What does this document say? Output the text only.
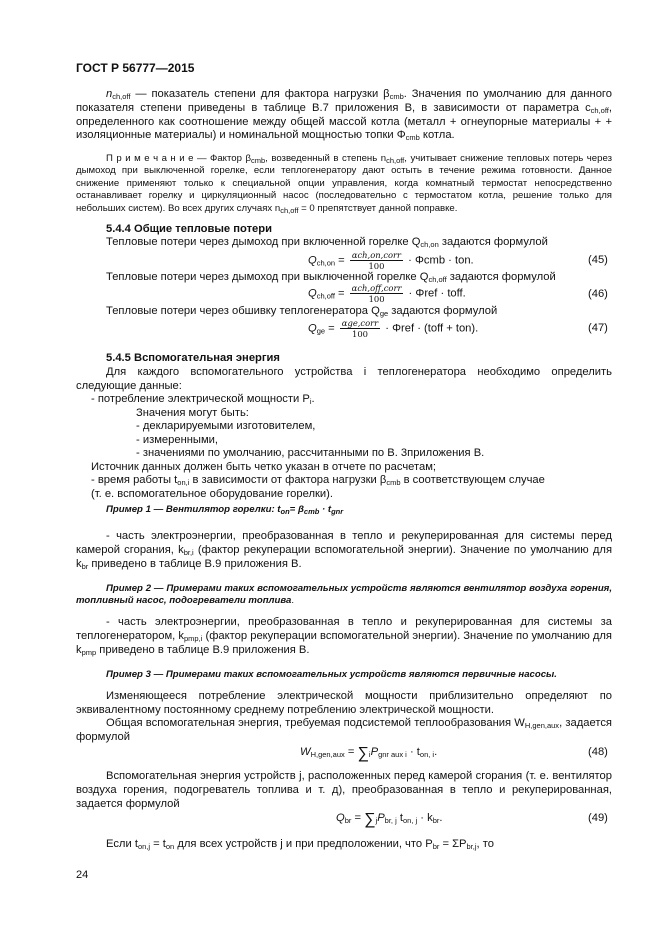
ГОСТ Р 56777—2015
$n_{ch,off}$ — показатель степени для фактора нагрузки $\beta_{cmb}$. Значения по умолчанию для данного показателя степени приведены в таблице В.7 приложения В, в зависимости от параметра $c_{ch,off}$, определенного как соотношение между общей массой котла (металл + огнеупорные материалы + + изоляционные материалы) и номинальной мощностью топки $\Phi_{cmb}$ котла.
П р и м е ч а н и е — Фактор $\beta_{cmb}$, возведенный в степень $n_{ch,off}$, учитывает снижение тепловых потерь через дымоход при выключенной горелке, если теплогенератору дают остыть в течение режима готовности. Данное снижение применяют только к специальной опции управления, когда комнатный термостат непосредственно останавливает горелку и циркуляционный насос (последовательно с термостатом котла, решение только для небольших систем). Во всех других случаях $n_{ch,off} = 0$ препятствует данной поправке.
5.4.4 Общие тепловые потери
Тепловые потери через дымоход при включенной горелке $Q_{ch,on}$ задаются формулой
$Q_{ch,on} = \frac{\text{αch,on,corr}}{100} \cdot \Phi cmb$ · ton.	(45)
Тепловые потери через дымоход при выключенной горелке $Q_{ch,off}$ задаются формулой
$Q_{ch,off} = \frac{\text{αch,off,corr}}{100} \cdot \Phi ref$ · toff.	(46)
Тепловые потери через обшивку теплогенератора $Q_{ge}$ задаются формулой
$Q_{ge} = \frac{\text{αge,corr}}{100} \cdot \Phi ref$ · (toff + ton).	(47)
5.4.5 Вспомогательная энергия
Для каждого вспомогательного устройства i теплогенератора необходимо определить следующие данные:
- потребление электрической мощности $P_i$.
Значения могут быть:
- декларируемыми изготовителем,
- измеренными,
- значениями по умолчанию, рассчитанными по В. 3приложения В.
Источник данных должен быть четко указан в отчете по расчетам;
- время работы $t_{on,i}$ в зависимости от фактора нагрузки $\beta_{cmb}$ в соответствующем случае
(т. е. вспомогательное оборудование горелки).
Пример 1 — Вентилятор горелки: $t_{on}= \beta_{cmb} \cdot t_{gnr}$
- часть электроэнергии, преобразованная в тепло и рекуперированная для системы перед камерой сгорания, $k_{br,i}$ (фактор рекуперации вспомогательной энергии). Значение по умолчанию для $k_{br}$ приведено в таблице В.9 приложения В.
Пример 2 — Примерами таких вспомогательных устройств являются вентилятор воздуха горения, топливный насос, подогреватели топлива.
- часть электроэнергии, преобразованная в тепло и рекуперированная для системы за теплогенератором, $k_{pmp,i}$ (фактор рекуперации вспомогательной энергии). Значение по умолчанию для $k_{pmp}$ приведено в таблице В.9 приложения В.
Пример 3 — Примерами таких вспомогательных устройств являются первичные насосы.
Изменяющееся потребление электрической мощности приблизительно определяют по эквивалентному постоянному среднему потреблению электрической мощности.
Общая вспомогательная энергия, требуемая подсистемой теплообразования $W_{H,gen,aux}$, задается формулой
$W_{H,gen,aux} = \sum_iP_{gnr aux i} \cdot t_{on, i}$.	(48)
Вспомогательная энергия устройств j, расположенных перед камерой сгорания (т. е. вентилятор воздуха горения, подогреватель топлива и т. д), преобразованная в тепло и рекуперированная, задается формулой
$Q_{br} = \sum_jP_{br, j}$ $t_{on, j} \cdot k_{br}$.	(49)
Если $t_{on,j} = t_{on}$ для всех устройств j и при предположении, что $P_{br} = \Sigma P_{br,j}$, то
24
